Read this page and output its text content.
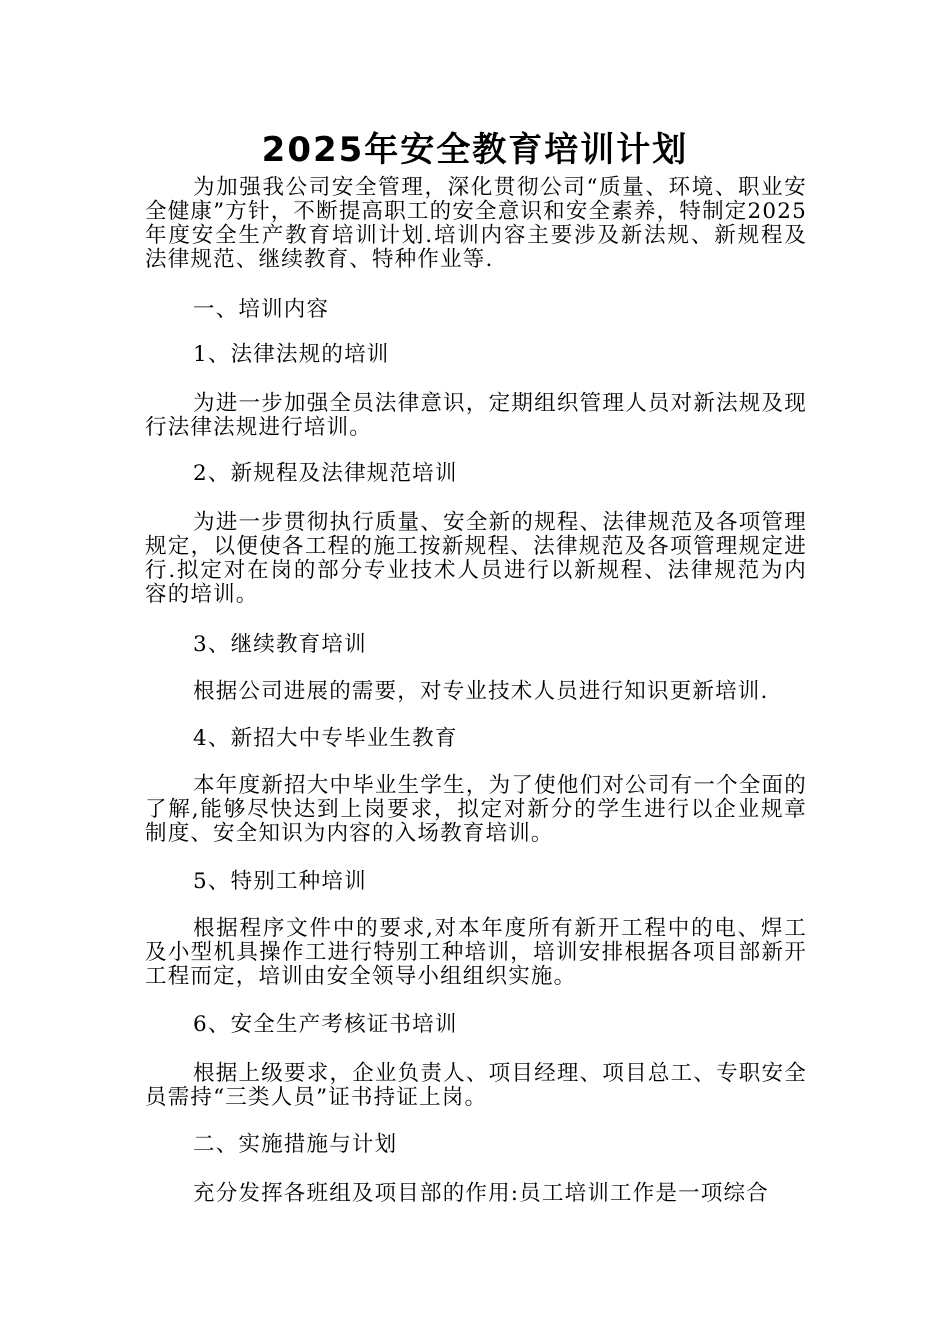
2025年安全教育培训计划

为加强我公司安全管理，深化贯彻公司“质量、环境、职业安全健康”方针，不断提高职工的安全意识和安全素养，特制定2025年度安全生产教育培训计划.培训内容主要涉及新法规、新规程及法律规范、继续教育、特种作业等.

一、培训内容

1、法律法规的培训

为进一步加强全员法律意识，定期组织管理人员对新法规及现行法律法规进行培训。

2、新规程及法律规范培训

为进一步贯彻执行质量、安全新的规程、法律规范及各项管理规定，以便使各工程的施工按新规程、法律规范及各项管理规定进行.拟定对在岗的部分专业技术人员进行以新规程、法律规范为内容的培训。

3、继续教育培训

根据公司进展的需要，对专业技术人员进行知识更新培训.

4、新招大中专毕业生教育

本年度新招大中毕业生学生，为了使他们对公司有一个全面的了解,能够尽快达到上岗要求，拟定对新分的学生进行以企业规章制度、安全知识为内容的入场教育培训。

5、特别工种培训

根据程序文件中的要求,对本年度所有新开工程中的电、焊工及小型机具操作工进行特别工种培训，培训安排根据各项目部新开工程而定，培训由安全领导小组组织实施。

6、安全生产考核证书培训

根据上级要求，企业负责人、项目经理、项目总工、专职安全员需持“三类人员”证书持证上岗。

二、实施措施与计划

充分发挥各班组及项目部的作用:员工培训工作是一项综合
